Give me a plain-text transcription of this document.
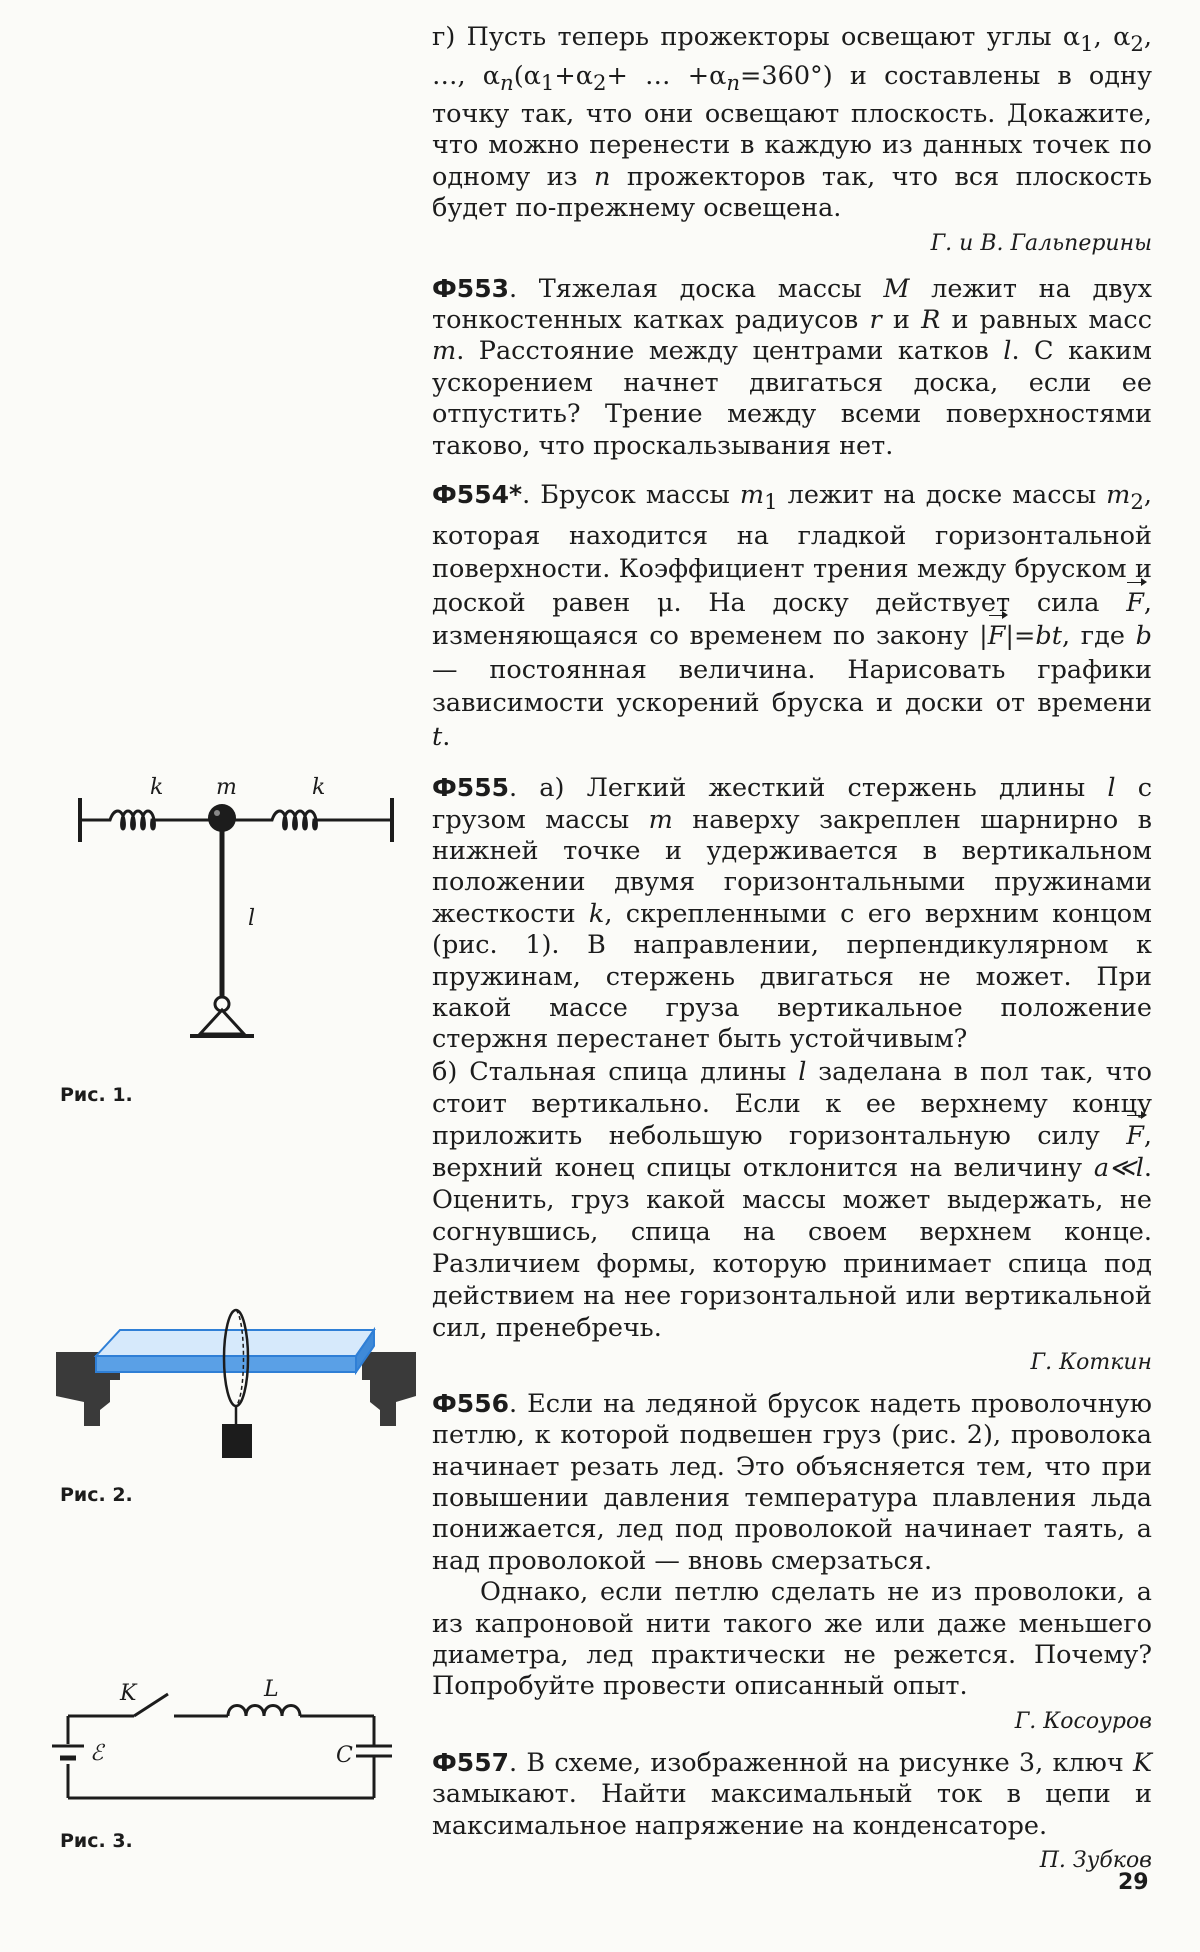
г) Пусть теперь прожекторы освещают углы $\alpha_1$, $\alpha_2$, …, $\alpha_n(\alpha_1+\alpha_2+$ … $+\alpha_n=360^\circ$) и составлены в одну точку так, что они освещают плоскость. Докажите, что можно перенести в каждую из данных точек по одному из n прожекторов так, что вся плоскость будет по-прежнему освещена.

Г. и В. Гальперины

Ф553. Тяжелая доска массы M лежит на двух тонкостенных катках радиусов r и R и равных масс m. Расстояние между центрами катков l. С каким ускорением начнет двигаться доска, если ее отпустить? Трение между всеми поверхностями таково, что проскальзывания нет.

Ф554*. Брусок массы $m_1$ лежит на доске массы $m_2$, которая находится на гладкой горизонтальной поверхности. Коэффициент трения между бруском и доской равен μ. На доску действует сила F, изменяющаяся со временем по закону |F|=bt, где b — постоянная величина. Нарисовать графики зависимости ускорений бруска и доски от времени t.

Ф555. а) Легкий жесткий стержень длины l с грузом массы m наверху закреплен шарнирно в нижней точке и удерживается в вертикальном положении двумя горизонтальными пружинами жесткости k, скрепленными с его верхним концом (рис. 1). В направлении, перпендикулярном к пружинам, стержень двигаться не может. При какой массе груза вертикальное положение стержня перестанет быть устойчивым?

б) Стальная спица длины l заделана в пол так, что стоит вертикально. Если к ее верхнему концу приложить небольшую горизонтальную силу F, верхний конец спицы отклонится на величину a≪l. Оценить, груз какой массы может выдержать, не согнувшись, спица на своем верхнем конце. Различием формы, которую принимает спица под действием на нее горизонтальной или вертикальной сил, пренебречь.

Г. Коткин

Ф556. Если на ледяной брусок надеть проволочную петлю, к которой подвешен груз (рис. 2), проволока начинает резать лед. Это объясняется тем, что при повышении давления температура плавления льда понижается, лед под проволокой начинает таять, а над проволокой — вновь смерзаться.

Однако, если петлю сделать не из проволоки, а из капроновой нити такого же или даже меньшего диаметра, лед практически не режется. Почему? Попробуйте провести описанный опыт.

Г. Косоуров

Ф557. В схеме, изображенной на рисунке 3, ключ K замыкают. Найти максимальный ток в цепи и максимальное напряжение на конденсаторе.

П. Зубков
k m	k
l
Рис. 1.
Рис. 2.
K	L
ℰ	C
Рис. 3.
29
